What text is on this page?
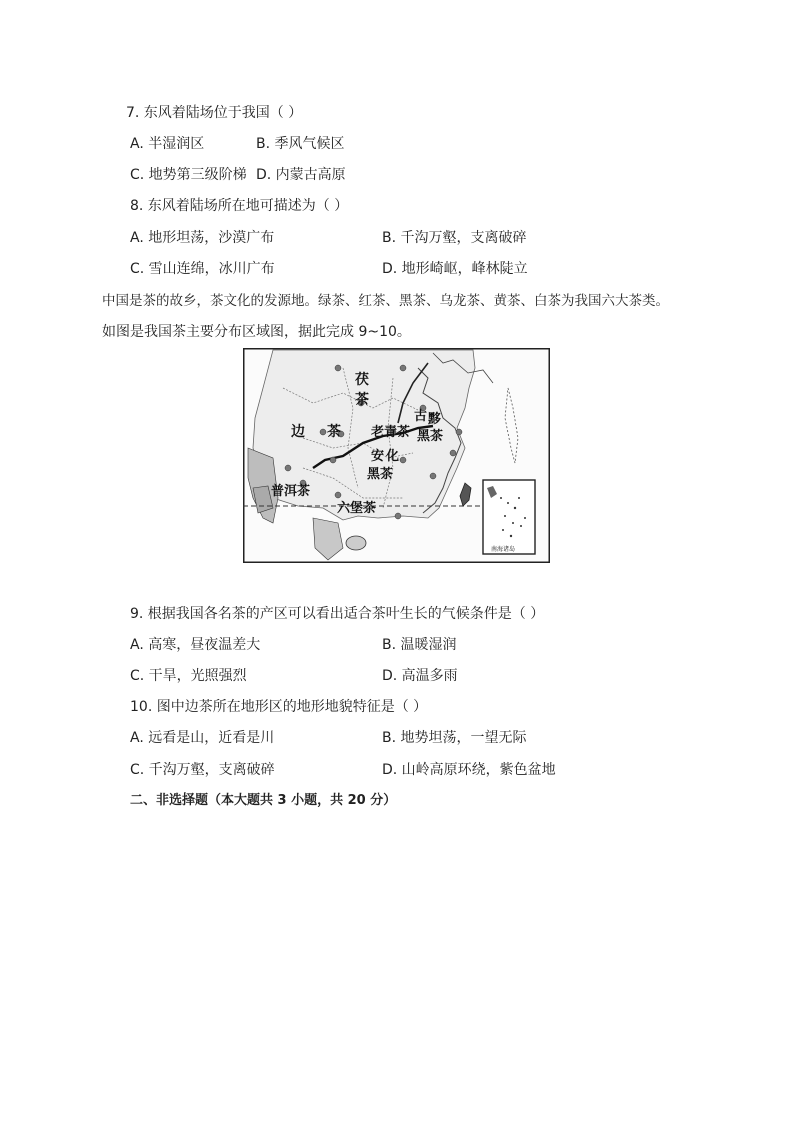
7. 东风着陆场位于我国（ ）
A. 半湿润区	B. 季风气候区
C. 地势第三级阶梯 D. 内蒙古高原
8. 东风着陆场所在地可描述为（ ）
A. 地形坦荡，沙漠广布	B. 千沟万壑，支离破碎
C. 雪山连绵，冰川广布	D. 地形崎岖，峰林陡立
中国是茶的故乡，茶文化的发源地。绿茶、红茶、黑茶、乌龙茶、黄茶、白茶为我国六大茶类。
如图是我国茶主要分布区域图，据此完成 9~10。
茯
茶
边 茶 老青茶
古 黟
黑茶
安 化
黑茶
普洱茶
六堡茶
南海诸岛
9. 根据我国各名茶的产区可以看出适合茶叶生长的气候条件是（ ）
A. 高寒，昼夜温差大	B. 温暖湿润
C. 干旱，光照强烈	D. 高温多雨
10. 图中边茶所在地形区的地形地貌特征是（ ）
A. 远看是山，近看是川	B. 地势坦荡，一望无际
C. 千沟万壑，支离破碎	D. 山岭高原环绕，紫色盆地
二、非选择题（本大题共 3 小题，共 20 分）
